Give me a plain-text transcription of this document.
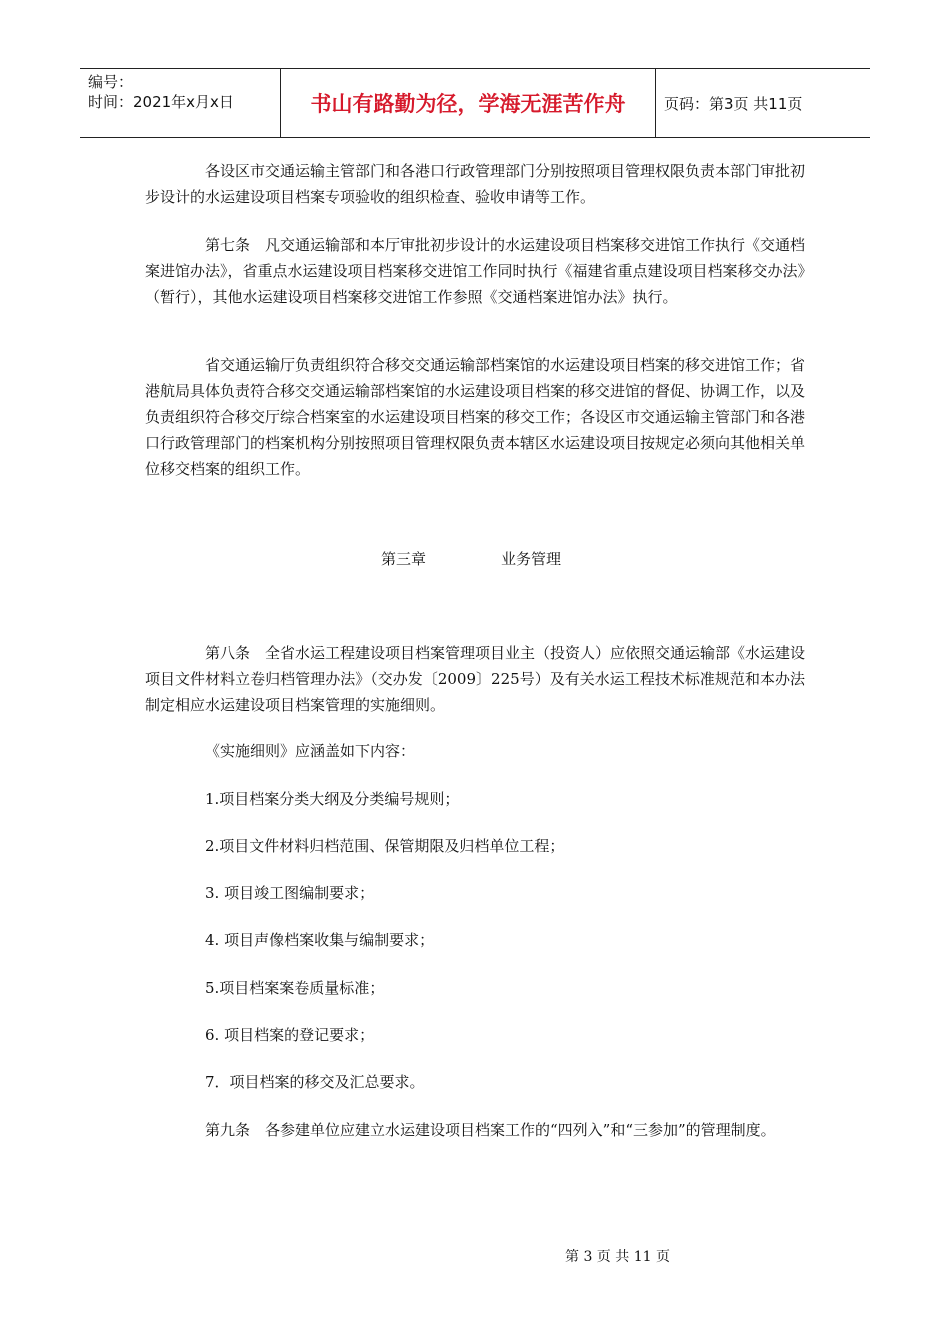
编号：
时间：2021年x月x日	书山有路勤为径，学海无涯苦作舟	页码：第3页 共11页

各设区市交通运输主管部门和各港口行政管理部门分别按照项目管理权限负责本部门审批初步设计的水运建设项目档案专项验收的组织检查、验收申请等工作。

第七条　凡交通运输部和本厅审批初步设计的水运建设项目档案移交进馆工作执行《交通档案进馆办法》，省重点水运建设项目档案移交进馆工作同时执行《福建省重点建设项目档案移交办法》（暂行），其他水运建设项目档案移交进馆工作参照《交通档案进馆办法》执行。

省交通运输厅负责组织符合移交交通运输部档案馆的水运建设项目档案的移交进馆工作；省港航局具体负责符合移交交通运输部档案馆的水运建设项目档案的移交进馆的督促、协调工作，以及负责组织符合移交厅综合档案室的水运建设项目档案的移交工作；各设区市交通运输主管部门和各港口行政管理部门的档案机构分别按照项目管理权限负责本辖区水运建设项目按规定必须向其他相关单位移交档案的组织工作。

第八条　全省水运工程建设项目档案管理项目业主（投资人）应依照交通运输部《水运建设项目文件材料立卷归档管理办法》（交办发〔2009〕225号）及有关水运工程技术标准规范和本办法制定相应水运建设项目档案管理的实施细则。

《实施细则》应涵盖如下内容：

1.项目档案分类大纲及分类编号规则；

2.项目文件材料归档范围、保管期限及归档单位工程；

3. 项目竣工图编制要求；

4. 项目声像档案收集与编制要求；

5.项目档案案卷质量标准；

6. 项目档案的登记要求；

7．项目档案的移交及汇总要求。

第九条　各参建单位应建立水运建设项目档案工作的“四列入”和“三参加”的管理制度。

第三章	业务管理
第 3 页 共 11 页
